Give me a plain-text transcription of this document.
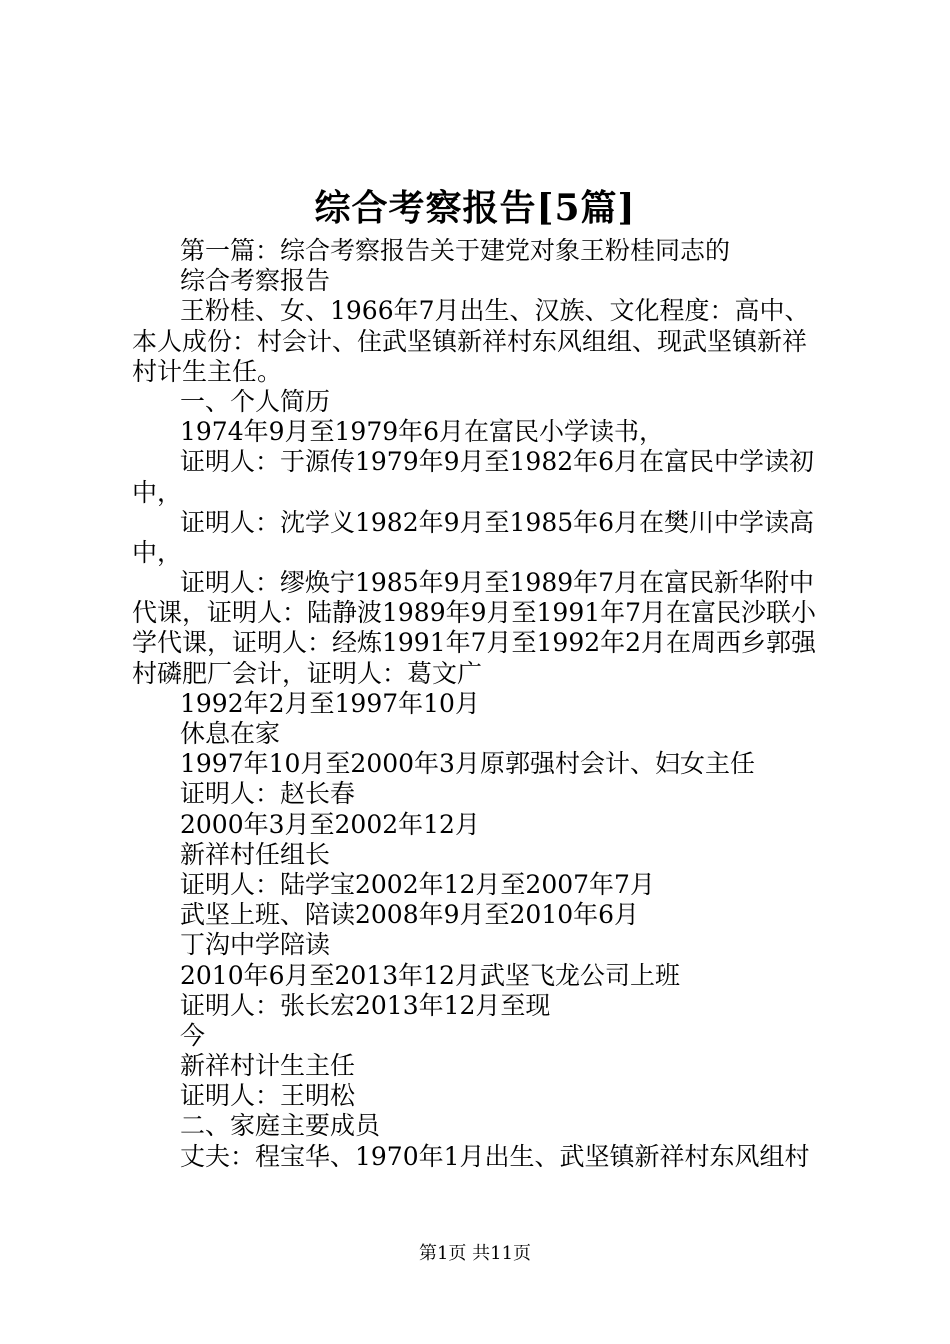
综合考察报告[5篇]
第一篇：综合考察报告关于建党对象王粉桂同志的
综合考察报告
王粉桂、女、1966年7月出生、汉族、文化程度：高中、
本人成份：村会计、住武坚镇新祥村东风组组、现武坚镇新祥
村计生主任。
一、个人简历
1974年9月至1979年6月在富民小学读书，
证明人：于源传1979年9月至1982年6月在富民中学读初
中，
证明人：沈学义1982年9月至1985年6月在樊川中学读高
中，
证明人：缪焕宁1985年9月至1989年7月在富民新华附中
代课，证明人：陆静波1989年9月至1991年7月在富民沙联小
学代课，证明人：经炼1991年7月至1992年2月在周西乡郭强
村磷肥厂会计，证明人：葛文广
1992年2月至1997年10月
休息在家
1997年10月至2000年3月原郭强村会计、妇女主任
证明人：赵长春
2000年3月至2002年12月
新祥村任组长
证明人：陆学宝2002年12月至2007年7月
武坚上班、陪读2008年9月至2010年6月
丁沟中学陪读
2010年6月至2013年12月武坚飞龙公司上班
证明人：张长宏2013年12月至现
今
新祥村计生主任
证明人：王明松
二、家庭主要成员
丈夫：程宝华、1970年1月出生、武坚镇新祥村东风组村
第1页 共11页
